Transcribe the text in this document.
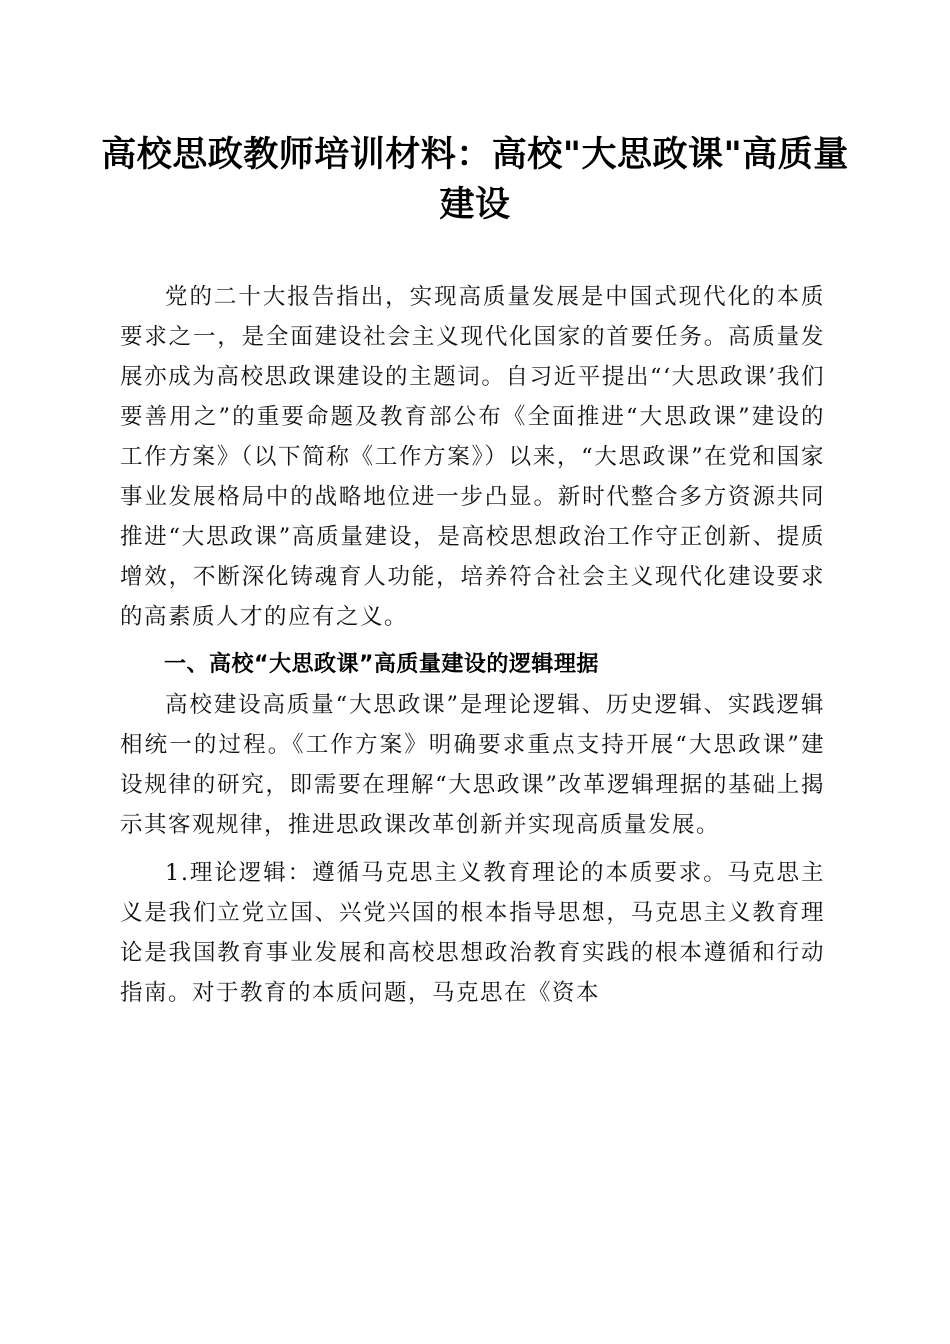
高校思政教师培训材料：高校"大思政课"高质量建设

党的二十大报告指出，实现高质量发展是中国式现代化的本质要求之一，是全面建设社会主义现代化国家的首要任务。高质量发展亦成为高校思政课建设的主题词。自习近平提出“‘大思政课’我们要善用之”的重要命题及教育部公布《全面推进“大思政课”建设的工作方案》（以下简称《工作方案》）以来，“大思政课”在党和国家事业发展格局中的战略地位进一步凸显。新时代整合多方资源共同推进“大思政课”高质量建设，是高校思想政治工作守正创新、提质增效，不断深化铸魂育人功能，培养符合社会主义现代化建设要求的高素质人才的应有之义。

一、高校“大思政课”高质量建设的逻辑理据

高校建设高质量“大思政课”是理论逻辑、历史逻辑、实践逻辑相统一的过程。《工作方案》明确要求重点支持开展“大思政课”建设规律的研究，即需要在理解“大思政课”改革逻辑理据的基础上揭示其客观规律，推进思政课改革创新并实现高质量发展。

1.理论逻辑：遵循马克思主义教育理论的本质要求。马克思主义是我们立党立国、兴党兴国的根本指导思想，马克思主义教育理论是我国教育事业发展和高校思想政治教育实践的根本遵循和行动指南。对于教育的本质问题，马克思在《资本
